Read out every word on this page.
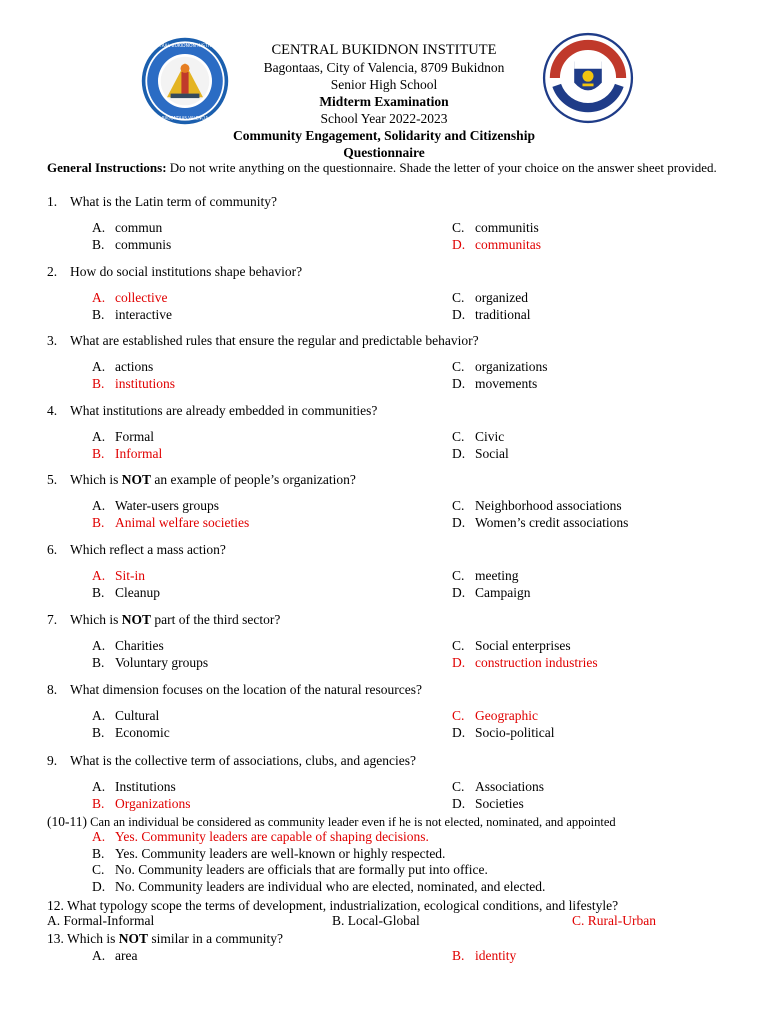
CENTRAL BUKIDNON INSTITUTE
BAGONTAAS VALENCIA
CENTRAL BUKIDNON INSTITUTE
Bagontaas, City of Valencia, 8709 Bukidnon
Senior High School
Midterm Examination
School Year 2022-2023
Community Engagement, Solidarity and Citizenship
Questionnaire
General Instructions: Do not write anything on the questionnaire. Shade the letter of your choice on the answer sheet provided.
1. What is the Latin term of community?
A. commun
B. communis
C. communitis
D. communitas
2. How do social institutions shape behavior?
A. collective
B. interactive
C. organized
D. traditional
3. What are established rules that ensure the regular and predictable behavior?
A. actions
B. institutions
C. organizations
D. movements
4. What institutions are already embedded in communities?
A. Formal
B. Informal
C. Civic
D. Social
5. Which is NOT an example of people’s organization?
A. Water-users groups
B. Animal welfare societies
C. Neighborhood associations
D. Women’s credit associations
6. Which reflect a mass action?
A. Sit-in
B. Cleanup
C. meeting
D. Campaign
7. Which is NOT part of the third sector?
A. Charities
B. Voluntary groups
C. Social enterprises
D. construction industries
8. What dimension focuses on the location of the natural resources?
A. Cultural
B. Economic
C. Geographic
D. Socio-political
9. What is the collective term of associations, clubs, and agencies?
A. Institutions
B. Organizations
C. Associations
D. Societies
(10-11) Can an individual be considered as community leader even if he is not elected, nominated, and appointed
A. Yes. Community leaders are capable of shaping decisions.
B. Yes. Community leaders are well-known or highly respected.
C. No. Community leaders are officials that are formally put into office.
D. No. Community leaders are individual who are elected, nominated, and elected.
12. What typology scope the terms of development, industrialization, ecological conditions, and lifestyle?
A. Formal-Informal	B. Local-Global	C. Rural-Urban
13. Which is NOT similar in a community?
A. area	B. identity
